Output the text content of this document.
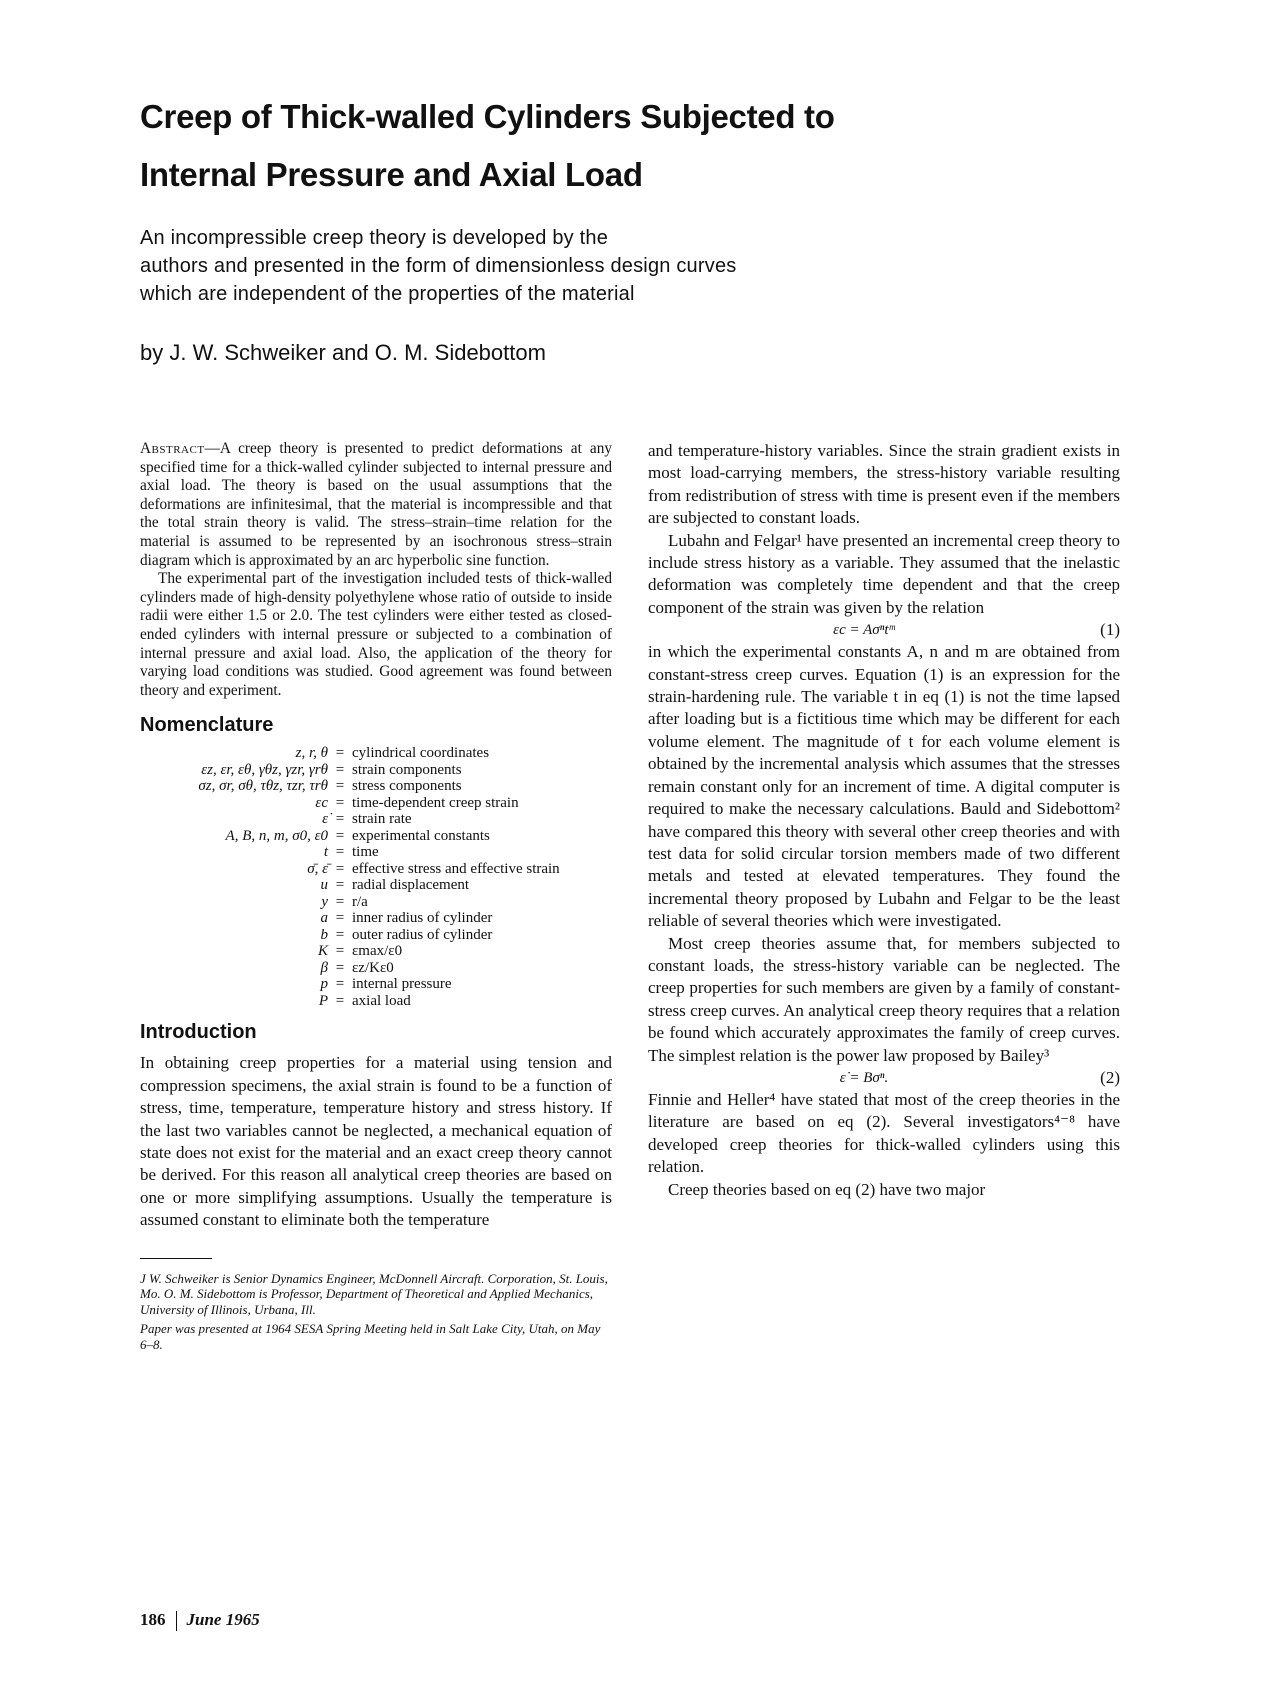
Creep of Thick-walled Cylinders Subjected to
Internal Pressure and Axial Load

An incompressible creep theory is developed by the
authors and presented in the form of dimensionless design curves
which are independent of the properties of the material

by J. W. Schweiker and O. M. Sidebottom

Abstract—A creep theory is presented to predict deformations at any specified time for a thick-walled cylinder subjected to internal pressure and axial load. The theory is based on the usual assumptions that the deformations are infinitesimal, that the material is incompressible and that the total strain theory is valid. The stress–strain–time relation for the material is assumed to be represented by an isochronous stress–strain diagram which is approximated by an arc hyperbolic sine function.

The experimental part of the investigation included tests of thick-walled cylinders made of high-density polyethylene whose ratio of outside to inside radii were either 1.5 or 2.0. The test cylinders were either tested as closed-ended cylinders with internal pressure or subjected to a combination of internal pressure and axial load. Also, the application of the theory for varying load conditions was studied. Good agreement was found between theory and experiment.

Nomenclature
z, r, θ	=	cylindrical coordinates
εz, εr, εθ, γθz, γzr, γrθ	=	strain components
σz, σr, σθ, τθz, τzr, τrθ	=	stress components
εc	=	time-dependent creep strain
ε̇	=	strain rate
A, B, n, m, σ0, ε0	=	experimental constants
t	=	time
σ̄, ε̄	=	effective stress and effective strain
u	=	radial displacement
y	=	r/a
a	=	inner radius of cylinder
b	=	outer radius of cylinder
K	=	εmax/ε0
β	=	εz/Kε0
p	=	internal pressure
P	=	axial load
Introduction

In obtaining creep properties for a material using tension and compression specimens, the axial strain is found to be a function of stress, time, temperature, temperature history and stress history. If the last two variables cannot be neglected, a mechanical equation of state does not exist for the material and an exact creep theory cannot be derived. For this reason all analytical creep theories are based on one or more simplifying assumptions. Usually the temperature is assumed constant to eliminate both the temperature

J W. Schweiker is Senior Dynamics Engineer, McDonnell Aircraft. Corporation, St. Louis, Mo. O. M. Sidebottom is Professor, Department of Theoretical and Applied Mechanics, University of Illinois, Urbana, Ill.

Paper was presented at 1964 SESA Spring Meeting held in Salt Lake City, Utah, on May 6–8.

and temperature-history variables. Since the strain gradient exists in most load-carrying members, the stress-history variable resulting from redistribution of stress with time is present even if the members are subjected to constant loads.

Lubahn and Felgar¹ have presented an incremental creep theory to include stress history as a variable. They assumed that the inelastic deformation was completely time dependent and that the creep component of the strain was given by the relation

εc = Aσⁿtᵐ	(1)

in which the experimental constants A, n and m are obtained from constant-stress creep curves. Equation (1) is an expression for the strain-hardening rule. The variable t in eq (1) is not the time lapsed after loading but is a fictitious time which may be different for each volume element. The magnitude of t for each volume element is obtained by the incremental analysis which assumes that the stresses remain constant only for an increment of time. A digital computer is required to make the necessary calculations. Bauld and Sidebottom² have compared this theory with several other creep theories and with test data for solid circular torsion members made of two different metals and tested at elevated temperatures. They found the incremental theory proposed by Lubahn and Felgar to be the least reliable of several theories which were investigated.

Most creep theories assume that, for members subjected to constant loads, the stress-history variable can be neglected. The creep properties for such members are given by a family of constant-stress creep curves. An analytical creep theory requires that a relation be found which accurately approximates the family of creep curves. The simplest relation is the power law proposed by Bailey³

ε̇ = Bσⁿ.	(2)

Finnie and Heller⁴ have stated that most of the creep theories in the literature are based on eq (2). Several investigators⁴⁻⁸ have developed creep theories for thick-walled cylinders using this relation.

Creep theories based on eq (2) have two major

186 June 1965
